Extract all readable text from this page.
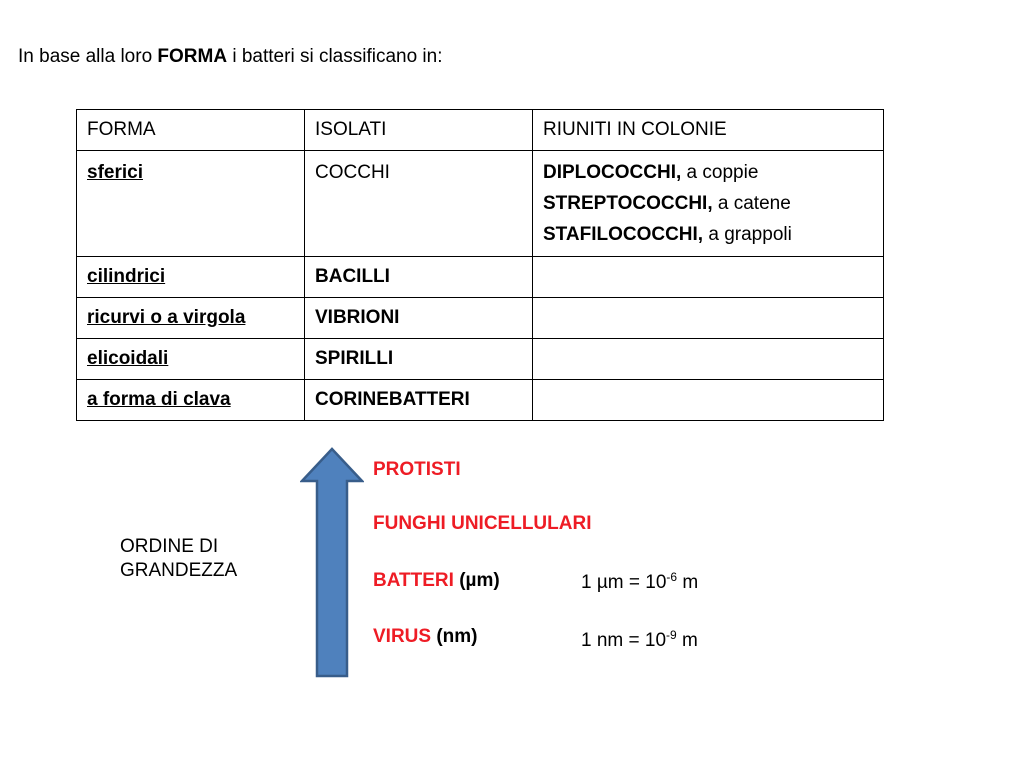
In base alla loro FORMA i batteri si classificano in:
FORMA	ISOLATI	RIUNITI IN COLONIE
sferici	COCCHI	DIPLOCOCCHI, a coppie
STREPTOCOCCHI, a catene
STAFILOCOCCHI, a grappoli

cilindrici	BACILLI	
ricurvi o a virgola	VIBRIONI	
elicoidali	SPIRILLI	
a forma di clava	CORINEBATTERI	
ORDINE DI
GRANDEZZA
PROTISTI
FUNGHI UNICELLULARI
BATTERI (µm)
VIRUS (nm)
1 $\mu m = 10^{-6}$ m
1 nm = $10^{-9}$ m
